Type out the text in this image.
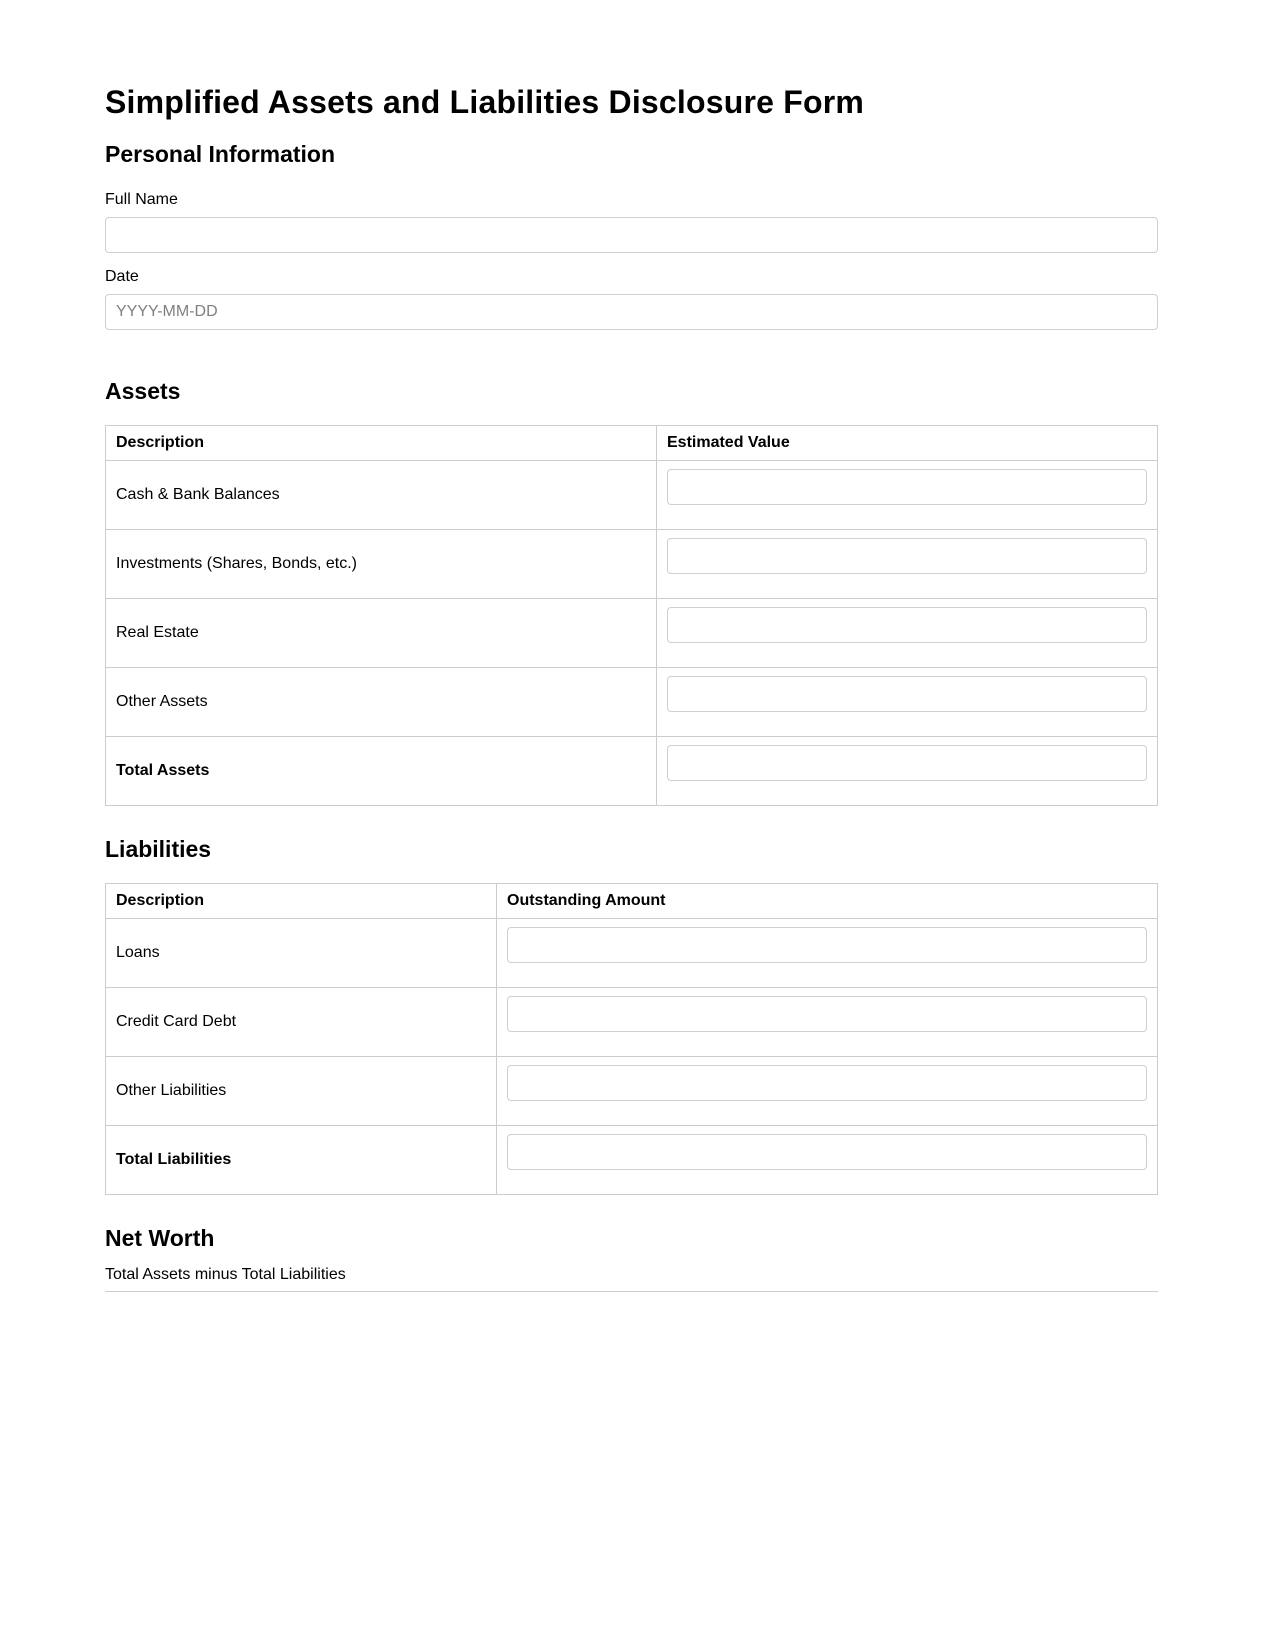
Simplified Assets and Liabilities Disclosure Form
Personal Information
Full Name
Date
YYYY-MM-DD
Assets
Description	Estimated Value
Cash & Bank Balances	

Investments (Shares, Bonds, etc.)	

Real Estate	

Other Assets	

Total Assets	
Liabilities
Description	Outstanding Amount
Loans	

Credit Card Debt	

Other Liabilities	

Total Liabilities	
Net Worth
Total Assets minus Total Liabilities
